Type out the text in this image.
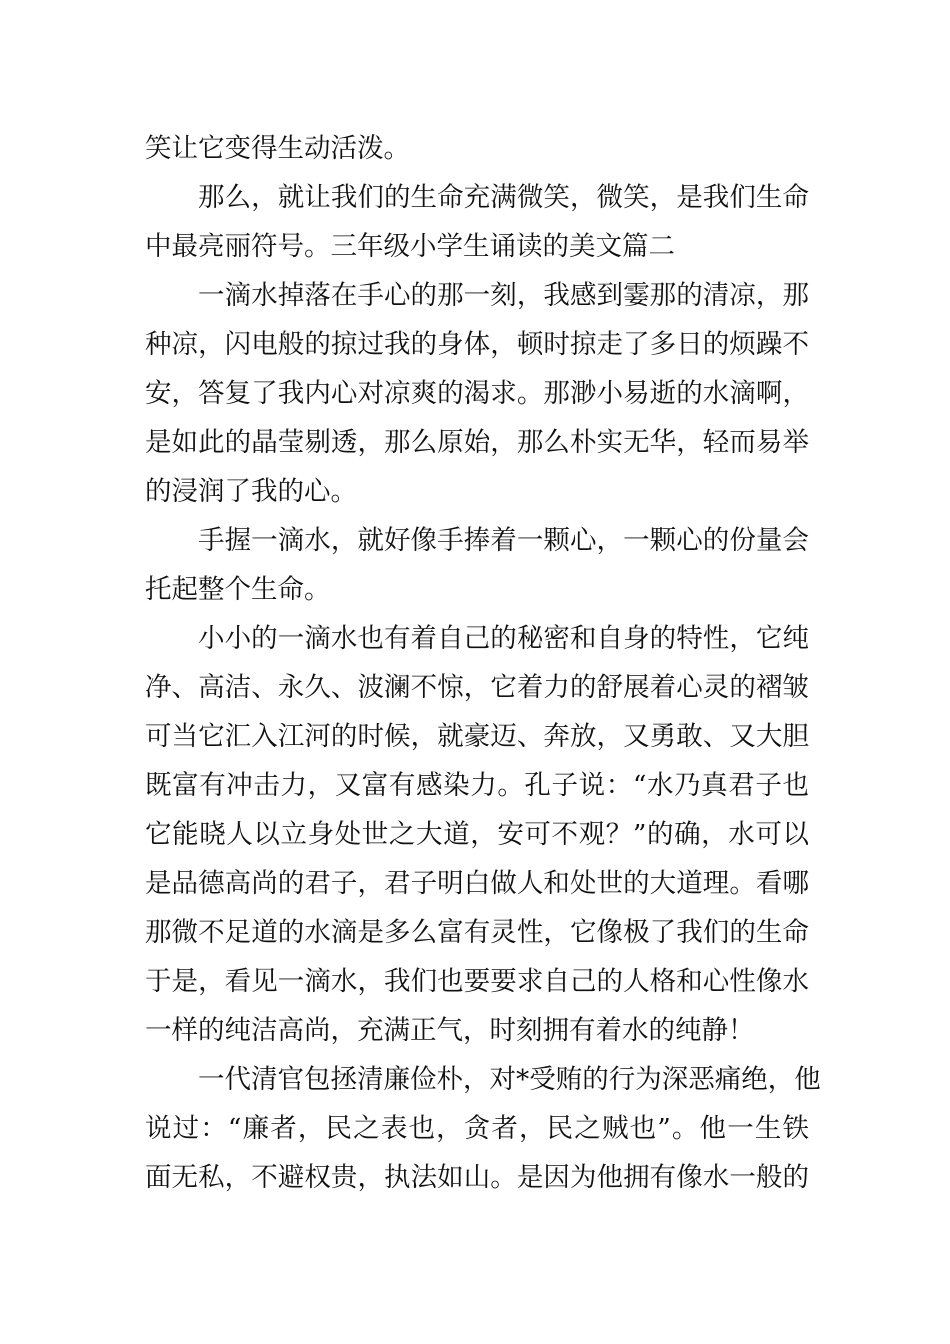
笑让它变得生动活泼。
那么，就让我们的生命充满微笑，微笑，是我们生命
中最亮丽符号。三年级小学生诵读的美文篇二
一滴水掉落在手心的那一刻，我感到霎那的清凉，那
种凉，闪电般的掠过我的身体，顿时掠走了多日的烦躁不
安，答复了我内心对凉爽的渴求。那渺小易逝的水滴啊，
是如此的晶莹剔透，那么原始，那么朴实无华，轻而易举
的浸润了我的心。
手握一滴水，就好像手捧着一颗心，一颗心的份量会
托起整个生命。
小小的一滴水也有着自己的秘密和自身的特性，它纯
净、高洁、永久、波澜不惊，它着力的舒展着心灵的褶皱
可当它汇入江河的时候，就豪迈、奔放，又勇敢、又大胆
既富有冲击力，又富有感染力。孔子说：“水乃真君子也
它能晓人以立身处世之大道，安可不观？”的确，水可以
是品德高尚的君子，君子明白做人和处世的大道理。看哪
那微不足道的水滴是多么富有灵性，它像极了我们的生命
于是，看见一滴水，我们也要要求自己的人格和心性像水
一样的纯洁高尚，充满正气，时刻拥有着水的纯静！
一代清官包拯清廉俭朴，对*受贿的行为深恶痛绝，他
说过：“廉者，民之表也，贪者，民之贼也”。他一生铁
面无私，不避权贵，执法如山。是因为他拥有像水一般的
